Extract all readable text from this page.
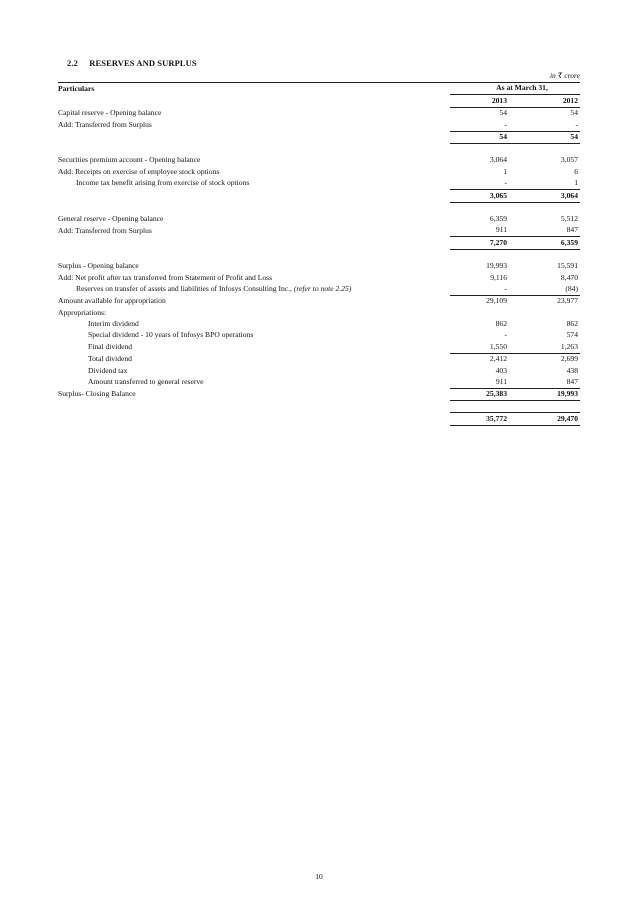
2.2 RESERVES AND SURPLUS
in ₹ crore
Particulars	As at March 31,	
	2013	2012
Capital reserve - Opening balance	54	54
Add: Transferred from Surplus	-	-
	54	54

Securities premium account - Opening balance	3,064	3,057
Add: Receipts on exercise of employee stock options	1	6
Income tax benefit arising from exercise of stock options	-	1
	3,065	3,064

General reserve - Opening balance	6,359	5,512
Add: Transferred from Surplus	911	847
	7,270	6,359

Surplus - Opening balance	19,993	15,591
Add: Net profit after tax transferred from Statement of Profit and Loss	9,116	8,470
Reserves on transfer of assets and liabilities of Infosys Consulting Inc., (refer to note 2.25)	-	(84)
Amount available for appropriation	29,109	23,977
Appropriations:		
Interim dividend	862	862
Special dividend - 10 years of Infosys BPO operations	-	574
Final dividend	1,550	1,263
Total dividend	2,412	2,699
Dividend tax	403	438
Amount transferred to general reserve	911	847
Surplus- Closing Balance	25,383	19,993

	35,772	29,470
10
